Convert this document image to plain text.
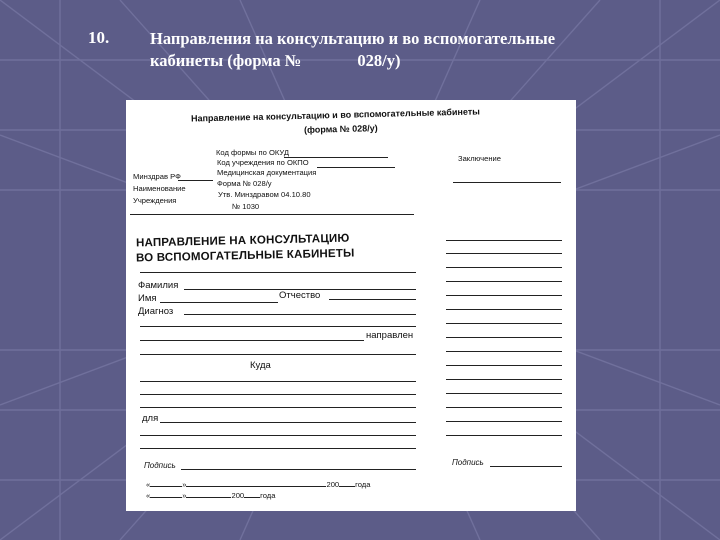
10. Направления на консультацию и во вспомогательные
кабинеты (форма №	028/у)
Направление на консультацию и во вспомогательные кабинеты
(форма № 028/у)
Код формы по ОКУД
Код учреждения по ОКПО
Медицинская документация
Форма № 028/у
Утв. Минздравом 04.10.80
№ 1030
Минздрав РФ
Наименование
Учреждения
Заключение
НАПРАВЛЕНИЕ НА КОНСУЛЬТАЦИЮ
ВО ВСПОМОГАТЕЛЬНЫЕ КАБИНЕТЫ
Фамилия
Имя	Отчество
Диагноз
направлен
Куда
для
Подпись
«	»	200 года
«	»	200 года
Подпись
